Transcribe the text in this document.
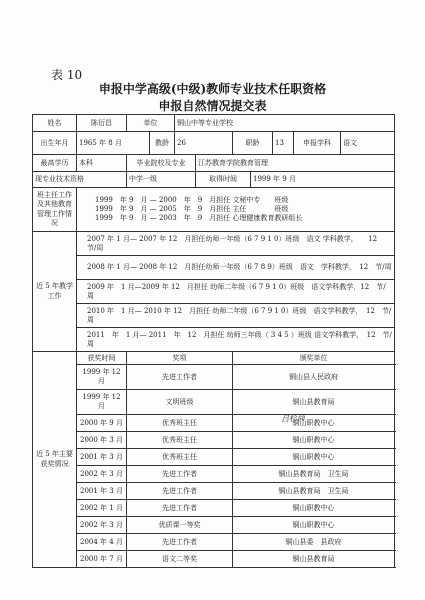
表 10
申报中学高级(中级)教师专业技术任职资格
申报自然情况提交表
姓名	陈衍昌	单位		铜山中等专业学校						
出生年月	1965 年 8 月		教龄	26		职龄		13	申报学科	语文
最高学历	本科	毕业院校及专业			江苏教育学院教育管理					
现专业技术资格		中学一级			取得时间		1999 年 9 月			
班主任工作及其他教育管理工作情况	1999　年 9　月 — 2000　年　9　月担任 文秘中专　　班级
1999　年 9　月 — 2005　年　9　月担任 主任　　　　班级
1999　年 9　月 — 2003　年　9　月担任 心理健康教育教研组长									

近 5 年教学工作	2007 年 1 月— 2007 年 12　月担任幼师一年级（6 7 9 1 0）班级　语文 学科教学，　　12　节/周									

	2008 年 1 月— 2008 年 12　月担任幼师一年级（6 7 8 9）班级　语文　学科教学，　12　节/周									

	2009 年　1 月—2009 年 12　月担任 幼师二年级（6 7 9 1 0）班级　语文学科教学，12　节/周									

	2010 年　1 月— 2010 年 12　月担任 幼师二年级（6 7 9 1 0）班级　语文学科教学，　12　节/周									

	2011　年　1 月— 2011　年　12　月担任 幼师三年级（ 3 4 5 ）班级 语文学科教学，　12　节/周									

近 5 年主要获奖情况	获奖时间	奖项				颁奖单位				
	1999 年 12 月	先进工作者				铜山县人民政府				
	1999 年 12 月	文明班级				铜山县教育局				
	2000 年 9 月	优秀班主任				铜山职教中心				
	2000 年 3 月	优秀班主任				铜山职教中心				
	2001 年 3 月	优秀班主任				铜山职教中心				
	2002 年 3 月	先进工作者				铜山县教育局　卫生局				
	2001 年 3 月	先进工作者				铜山县教育局　卫生局				
	2002 年 1 月	先进工作者				铜山职教中心				
	2002 年 3 月	优质课一等奖				铜山职教中心				
	2004 年 4 月	先进工作者				铜山县委　县政府				
	2000 年 7 月	语文二等奖				铜山县教育局				
吕杉商
